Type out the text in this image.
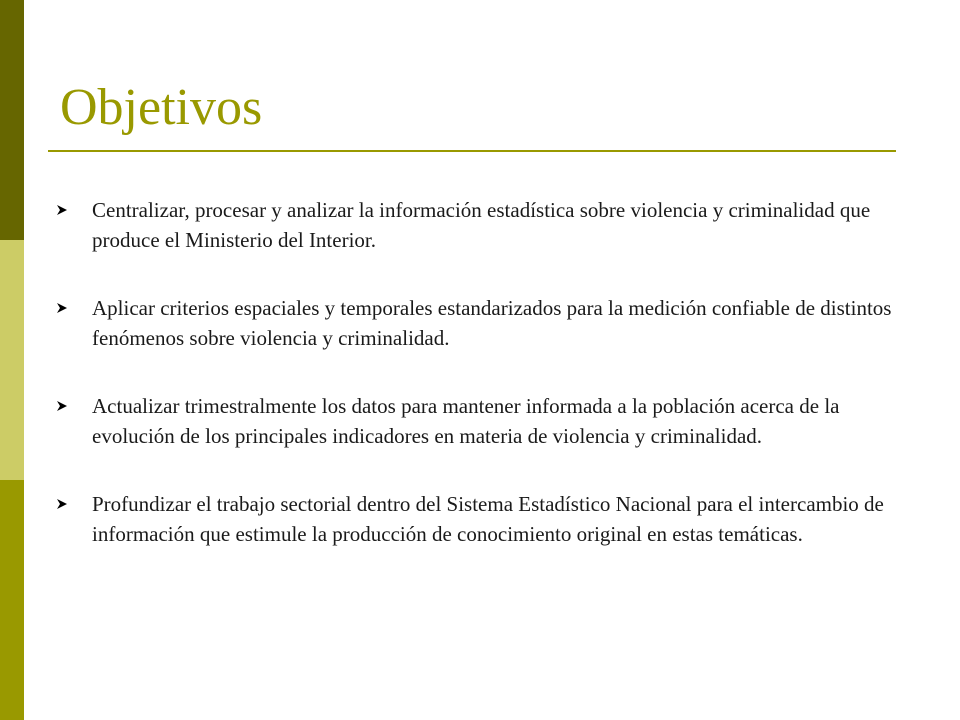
Objetivos
Centralizar, procesar y analizar la información estadística sobre violencia y criminalidad que produce el Ministerio del Interior.
Aplicar criterios espaciales y temporales estandarizados para la medición confiable de distintos fenómenos sobre violencia y criminalidad.
Actualizar trimestralmente los datos para mantener informada a la población acerca de la evolución de los principales indicadores en materia de violencia y criminalidad.
Profundizar el trabajo sectorial dentro del Sistema Estadístico Nacional para el intercambio de información que estimule la producción de conocimiento original en estas temáticas.
